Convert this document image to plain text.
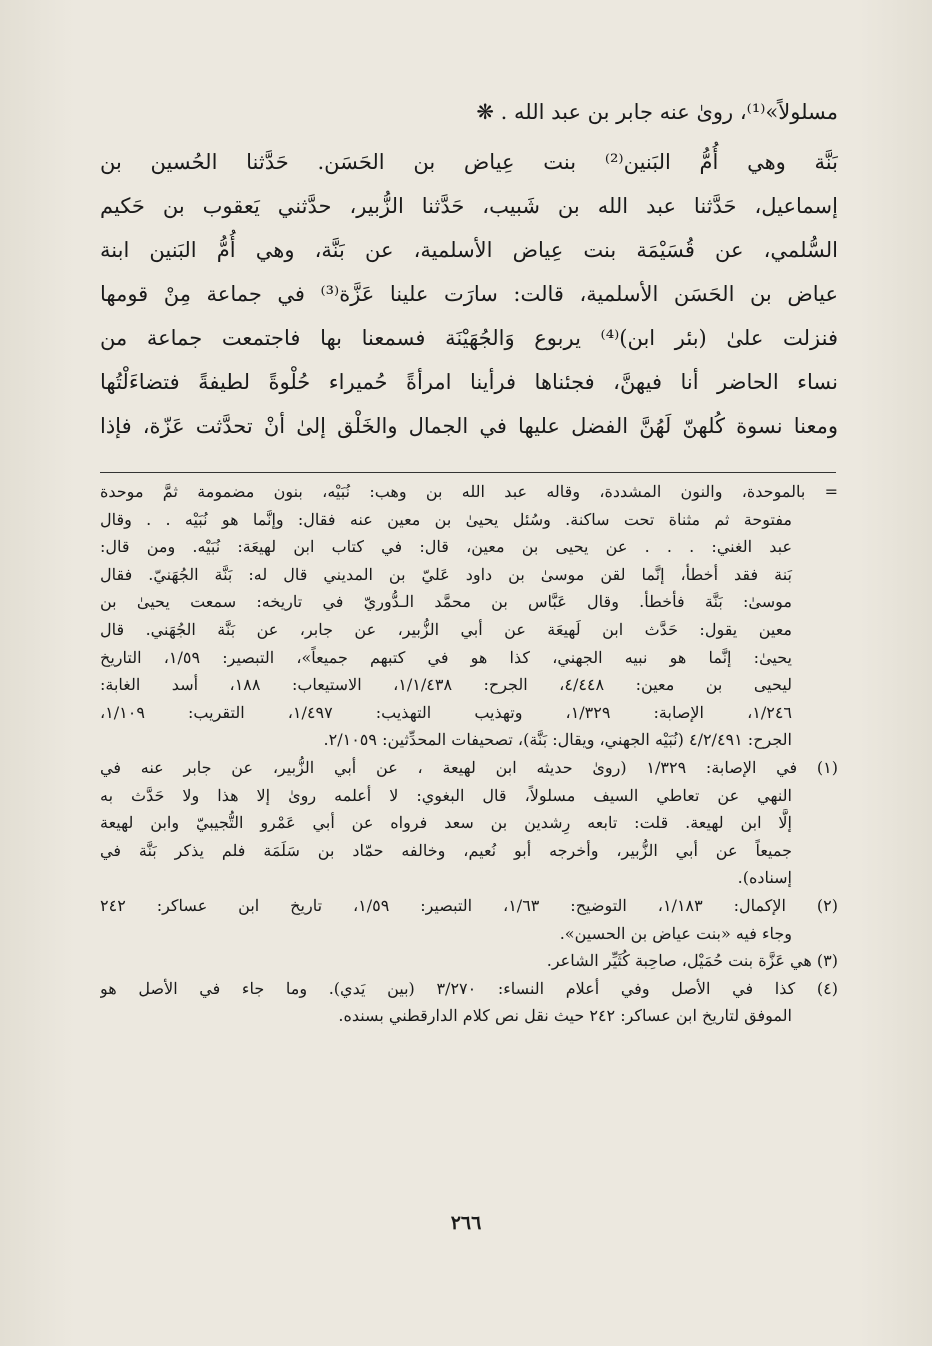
مسلولاً»⁽¹⁾، روىٰ عنه جابر بن عبد الله . ❋
بَنَّة وهي أُمُّ البَنين⁽²⁾ بنت عِياض بن الحَسَن. حَدَّثنا الحُسين بن
إسماعيل، حَدَّثنا عبد الله بن شَبيب، حَدَّثنا الزُّبير، حدَّثني يَعقوب بن حَكيم
السُّلمي، عن قُسَيْمَة بنت عِياض الأسلمية، عن بَنَّة، وهي أُمُّ البَنين ابنة
عياض بن الحَسَن الأسلمية، قالت: سارَت علينا عَزَّة⁽³⁾ في جماعة مِنْ قومها
فنزلت علىٰ (بئر ابن)⁽⁴⁾ يربوع وَالجُهَيْنَة فسمعنا بها فاجتمعت جماعة من
نساء الحاضر أنا فيهنَّ، فجئناها فرأينا امرأةً حُميراء حُلْوةً لطيفةً فتضاءَلْتُها
ومعنا نسوة كُلهنّ لَهُنَّ الفضل عليها في الجمال والخَلْق إلىٰ أنْ تحدَّثت عَزّة، فإذا
= بالموحدة، والنون المشددة، وقاله عبد الله بن وهب: نُبَيْه، بنون مضمومة ثمَّ موحدة
مفتوحة ثم مثناة تحت ساكنة. وسُئل يحيىٰ بن معين عنه فقال: وإنَّما هو نُبَيْه . . وقال
عبد الغني: . . . عن يحيى بن معين، قال: في كتاب ابن لهيعَة: نُبَيْه. ومن قال:
بَنة فقد أخطأ، إنَّما لقن موسىٰ بن داود عَليّ بن المديني قال له: بَنَّة الجُهَنيّ. فقال
موسىٰ: بَنَّة فأخطأ. وقال عَبَّاس بن محمَّد الـدُّوريّ في تاريخه: سمعت يحيىٰ بن
معين يقول: حَدَّث ابن لَهيعَة عن أبي الزُّبير، عن جابر، عن بَنَّة الجُهَني. قال
يحيىٰ: إنَّما هو نبيه الجهني، كذا هو في كتبهم جميعاً»، التبصير: ١/٥٩، التاريخ
ليحيى بن معين: ٤/٤٤٨، الجرح: ١/١/٤٣٨، الاستيعاب: ١٨٨، أسد الغابة:
١/٢٤٦، الإصابة: ١/٣٢٩، وتهذيب التهذيب: ١/٤٩٧، التقريب: ١/١٠٩،
الجرح: ٤/٢/٤٩١ (نُبَيْه الجهني، ويقال: بَنَّة)، تصحيفات المحدِّثين: ٢/١٠٥٩.
(١) في الإصابة: ١/٣٢٩ (روىٰ حديثه ابن لهيعة ، عن أبي الزُّبير، عن جابر عنه في
النهي عن تعاطي السيف مسلولاً، قال البغوي: لا أعلمه روىٰ إلا هذا ولا حَدَّث به
إلَّا ابن لهيعة. قلت: تابعه رِشدين بن سعد فرواه عن أبي عَمْرو التُّجيبيّ وابن لهيعة
جميعاً عن أبي الزُّبير، وأخرجه أبو نُعيم، وخالفه حمّاد بن سَلَمَة فلم يذكر بَنَّة في
إسناده).
(٢) الإكمال: ١/١٨٣، التوضيح: ١/٦٣، التبصير: ١/٥٩، تاريخ ابن عساكر: ٢٤٢
وجاء فيه «بنت عياض بن الحسين».
(٣) هي عَزَّة بنت حُمَيْل، صاحِبة كُثَيِّر الشاعر.
(٤) كذا في الأصل وفي أعلام النساء: ٣/٢٧٠ (بين يَدي). وما جاء في الأصل هو
الموفق لتاريخ ابن عساكر: ٢٤٢ حيث نقل نص كلام الدارقطني بسنده.
٢٦٦
